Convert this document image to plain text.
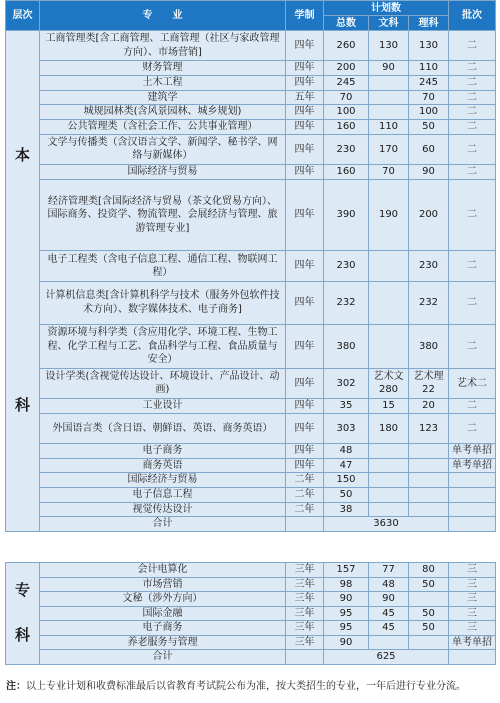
层次	专　　业	学制	计划数			批次
			总数	文科	理科	

本
科	工商管理类[含工商管理、工商管理（社区与家政管理方向）、市场营销]	四年	260	130	130	二
	财务管理	四年	200	90	110	二
	土木工程	四年	245		245	二
	建筑学	五年	70		70	二
	城规园林类(含风景园林、城乡规划)	四年	100		100	二
	公共管理类（含社会工作、公共事业管理）	四年	160	110	50	二
	文学与传播类（含汉语言文学、新闻学、秘书学、网络与新媒体）	四年	230	170	60	二
	国际经济与贸易	四年	160	70	90	二
	经济管理类[含国际经济与贸易（茶文化贸易方向）、国际商务、投资学、物流管理、会展经济与管理、旅游管理专业]	四年	390	190	200	二
	电子工程类（含电子信息工程、通信工程、物联网工程）	四年	230		230	二
	计算机信息类[含计算机科学与技术（服务外包软件技术方向）、数字媒体技术、电子商务]	四年	232		232	二
	资源环境与科学类（含应用化学、环境工程、生物工程、化学工程与工艺、食品科学与工程、食品质量与安全）	四年	380		380	二
	设计学类(含视觉传达设计、环境设计、产品设计、动画)	四年	302	艺术文280	艺术理22	艺术二
	工业设计	四年	35	15	20	二
	外国语言类（含日语、朝鲜语、英语、商务英语）	四年	303	180	123	二
	电子商务	四年	48			单考单招
	商务英语	四年	47			单考单招
	国际经济与贸易	二年	150			
	电子信息工程	二年	50			
	视觉传达设计	二年	38			
	合计		3630			
专
科	会计电算化	三年	157	77	80	三
	市场营销	三年	98	48	50	三
	文秘（涉外方向）	三年	90	90		三
	国际金融	三年	95	45	50	三
	电子商务	三年	95	45	50	三
	养老服务与管理	三年	90			单考单招
	合计		625			
注：以上专业计划和收费标准最后以省教育考试院公布为准，按大类招生的专业，一年后进行专业分流。
